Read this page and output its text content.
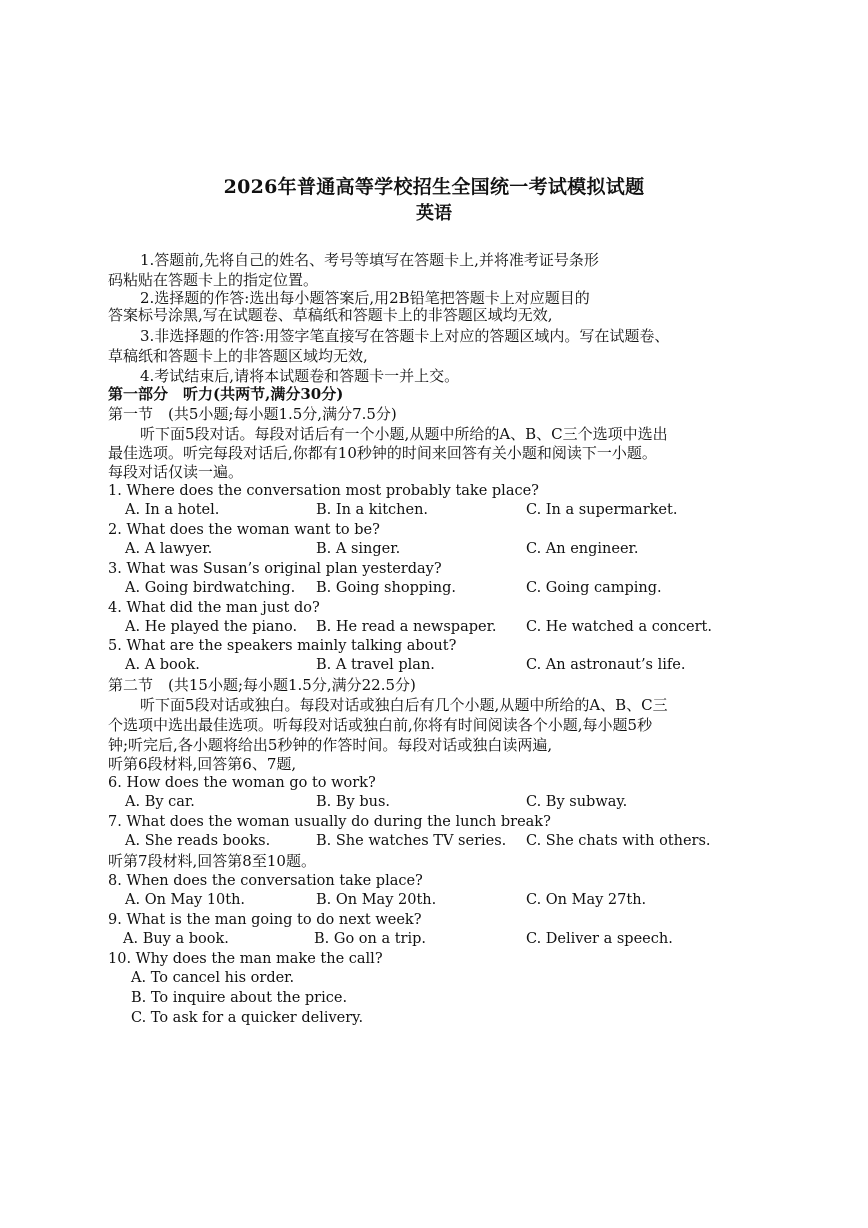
2026年普通高等学校招生全国统一考试模拟试题
英语
1.答题前,先将自己的姓名、考号等填写在答题卡上,并将准考证号条形
码粘贴在答题卡上的指定位置。
2.选择题的作答:选出每小题答案后,用2B铅笔把答题卡上对应题目的
答案标号涂黑,写在试题卷、草稿纸和答题卡上的非答题区域均无效,
3.非选择题的作答:用签字笔直接写在答题卡上对应的答题区域内。写在试题卷、
草稿纸和答题卡上的非答题区域均无效,
4.考试结束后,请将本试题卷和答题卡一并上交。
第一部分　听力(共两节,满分30分)
第一节　(共5小题;每小题1.5分,满分7.5分)
听下面5段对话。每段对话后有一个小题,从题中所给的A、B、C三个选项中选出
最佳选项。听完每段对话后,你都有10秒钟的时间来回答有关小题和阅读下一小题。
每段对话仅读一遍。
1. Where does the conversation most probably take place?
A. In a hotel.	B. In a kitchen.	C. In a supermarket.
2. What does the woman want to be?
A. A lawyer.	B. A singer.	C. An engineer.
3. What was Susan’s original plan yesterday?
A. Going birdwatching. B. Going shopping.	C. Going camping.
4. What did the man just do?
A. He played the piano. B. He read a newspaper. C. He watched a concert.
5. What are the speakers mainly talking about?
A. A book.	B. A travel plan.	C. An astronaut’s life.
第二节　(共15小题;每小题1.5分,满分22.5分)
听下面5段对话或独白。每段对话或独白后有几个小题,从题中所给的A、B、C三
个选项中选出最佳选项。听每段对话或独白前,你将有时间阅读各个小题,每小题5秒
钟;听完后,各小题将给出5秒钟的作答时间。每段对话或独白读两遍,
听第6段材料,回答第6、7题,
6. How does the woman go to work?
A. By car.	B. By bus.	C. By subway.
7. What does the woman usually do during the lunch break?
A. She reads books.	B. She watches TV series. C. She chats with others.
听第7段材料,回答第8至10题。
8. When does the conversation take place?
A. On May 10th.	B. On May 20th.	C. On May 27th.
9. What is the man going to do next week?
A. Buy a book.	B. Go on a trip.	C. Deliver a speech.
10. Why does the man make the call?
A. To cancel his order.
B. To inquire about the price.
C. To ask for a quicker delivery.
